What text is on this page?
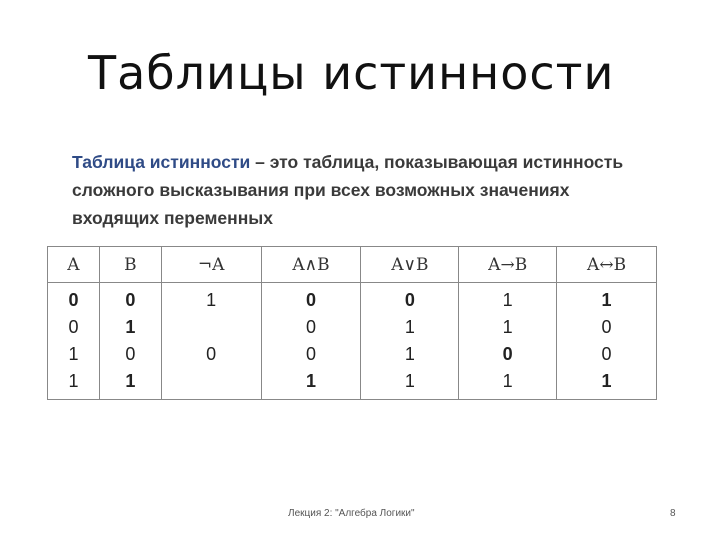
Таблицы истинности
Таблица истинности – это таблица, показывающая истинность сложного высказывания при всех возможных значениях входящих переменных
A	B	¬A	A∧B	A∨B	A→B	A↔B
0	0	1	0	0	1	1
0	1		0	1	1	0
1	0	0	0	1	0	0
1	1		1	1	1	1
Лекция 2: "Алгебра Логики"	8
